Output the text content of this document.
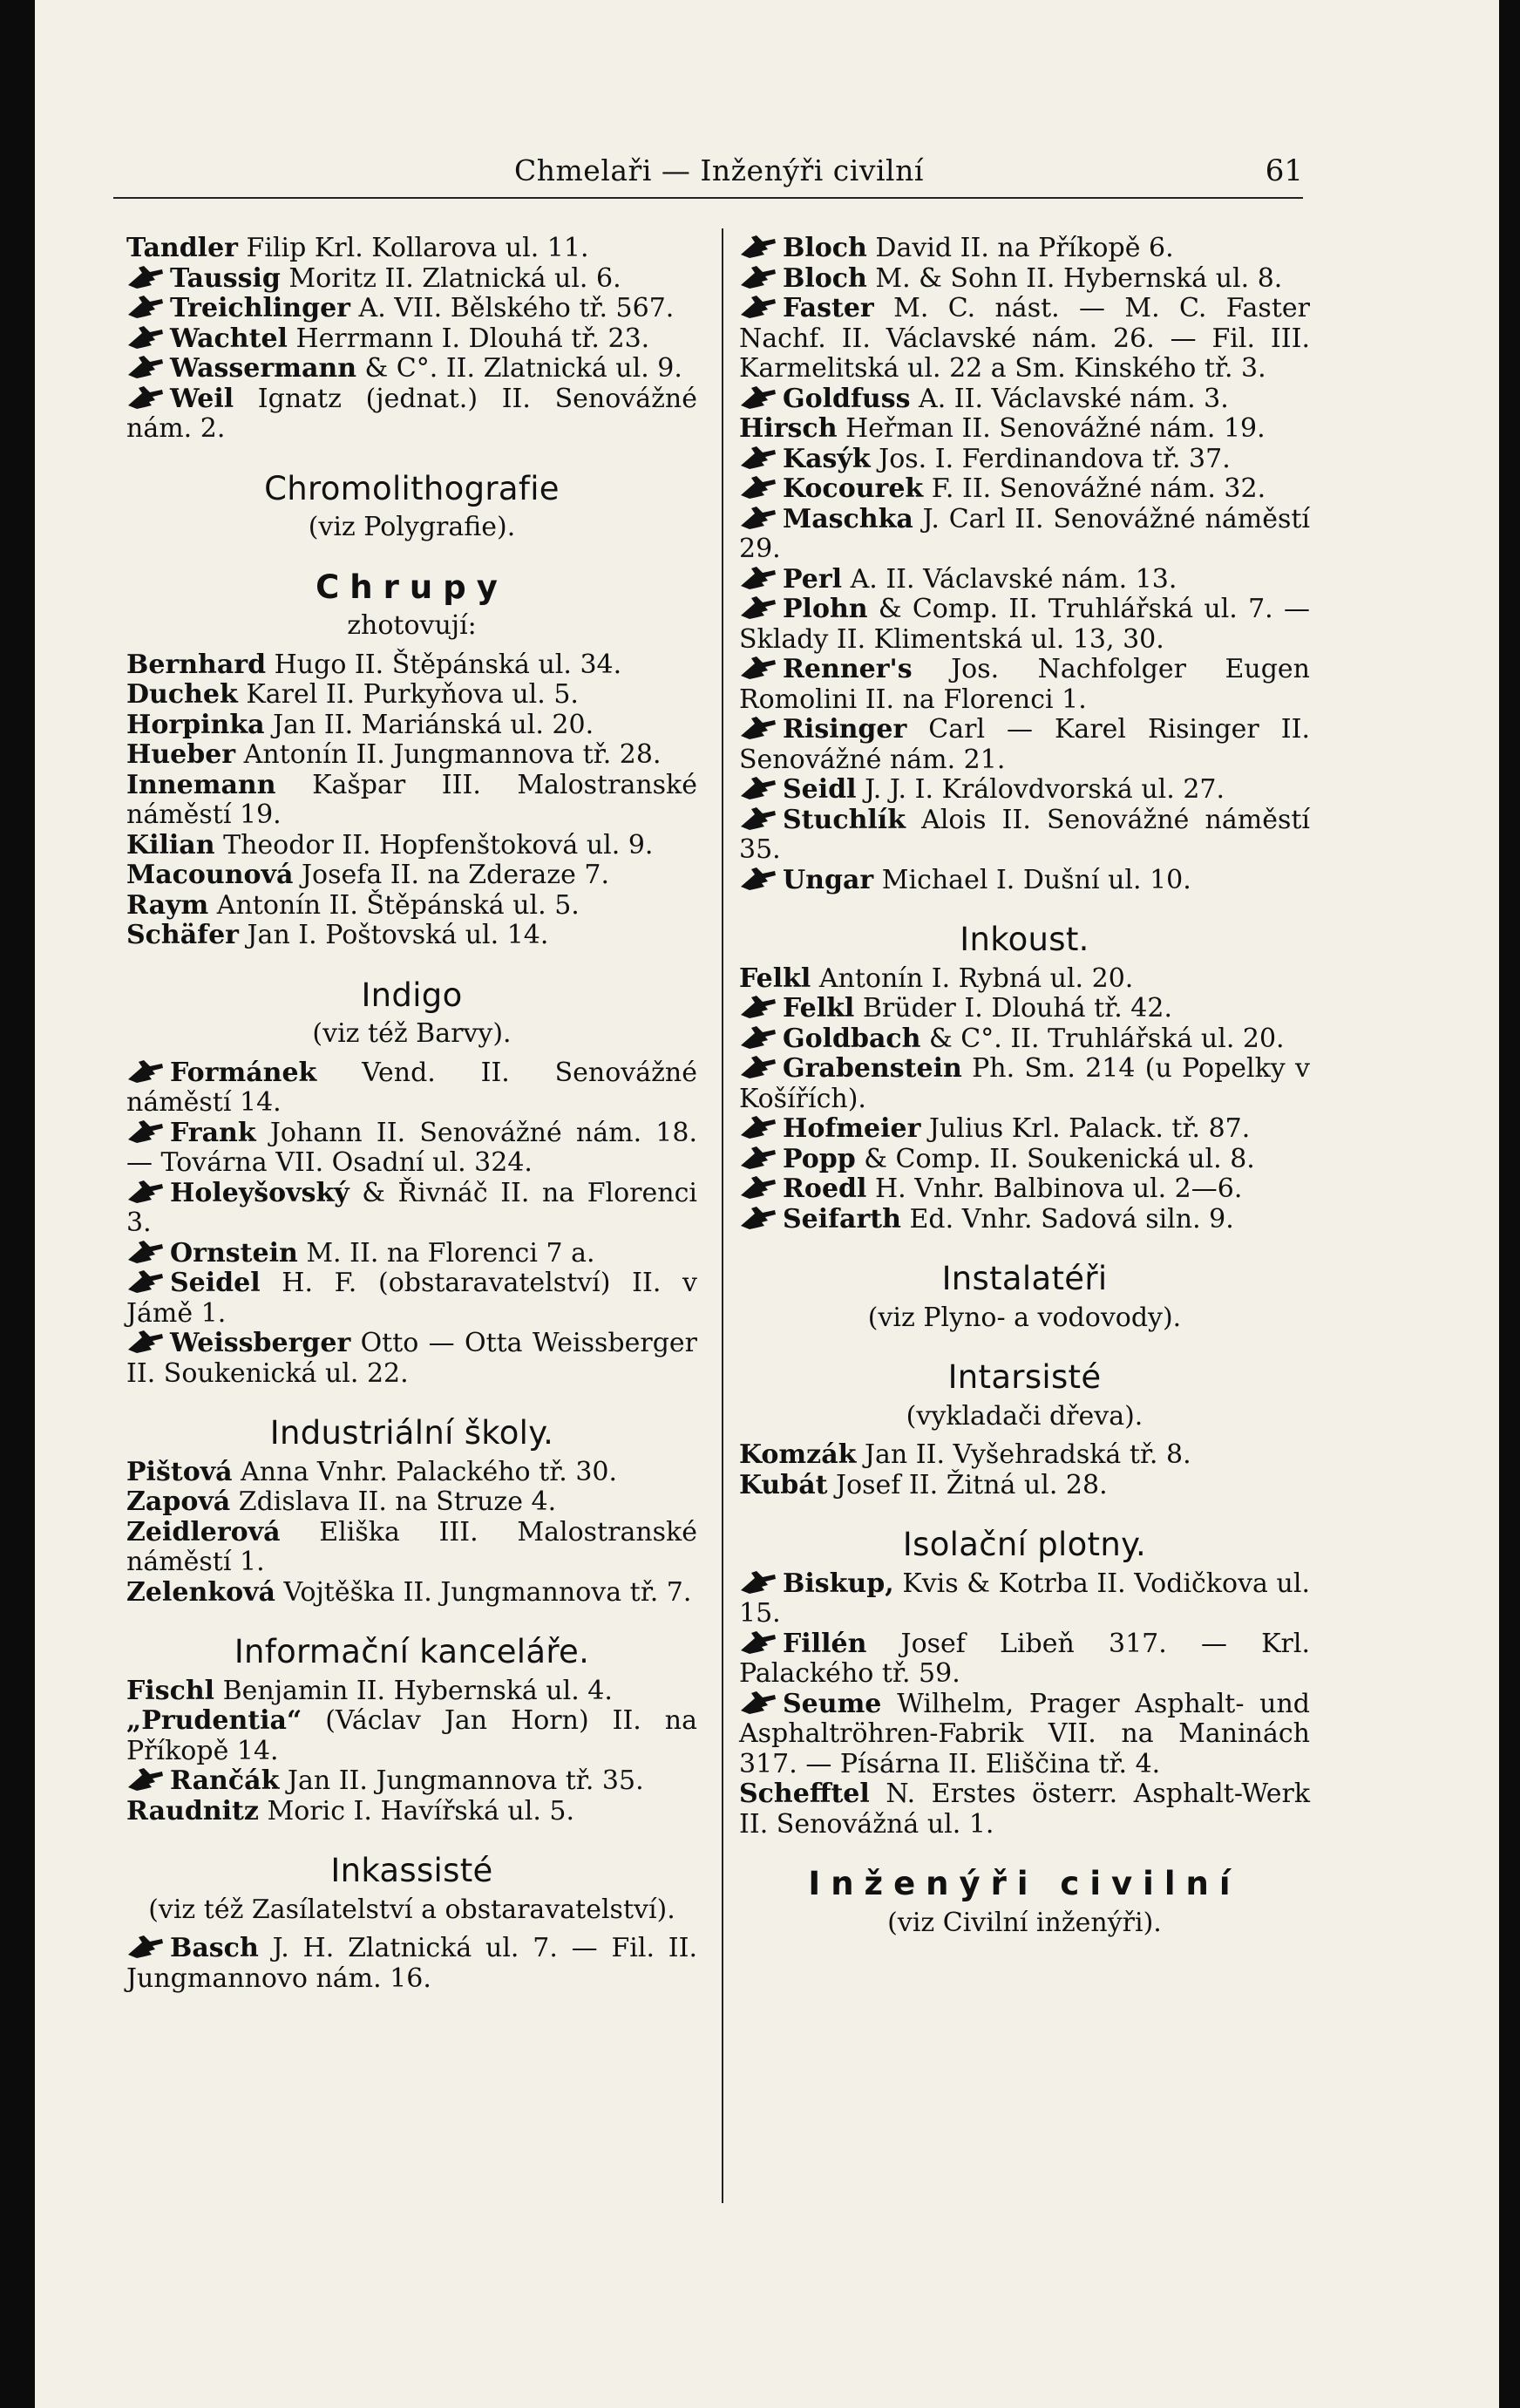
Chmelaři — Inženýři civilní	61
Tandler Filip Krl. Kollarova ul. 11.
Taussig Moritz II. Zlatnická ul. 6.
Treichlinger A. VII. Bělského tř. 567.
Wachtel Herrmann I. Dlouhá tř. 23.
Wassermann & C°. II. Zlatnická ul. 9.
Weil Ignatz (jednat.) II. Senovážné nám. 2.
Chromolithografie
(viz Polygrafie).
Chrupy
zhotovují:
Bernhard Hugo II. Štěpánská ul. 34.
Duchek Karel II. Purkyňova ul. 5.
Horpinka Jan II. Mariánská ul. 20.
Hueber Antonín II. Jungmannova tř. 28.
Innemann Kašpar III. Malostranské náměstí 19.
Kilian Theodor II. Hopfenštoková ul. 9.
Macounová Josefa II. na Zderaze 7.
Raym Antonín II. Štěpánská ul. 5.
Schäfer Jan I. Poštovská ul. 14.
Indigo
(viz též Barvy).
Formánek Vend. II. Senovážné náměstí 14.
Frank Johann II. Senovážné nám. 18. — Továrna VII. Osadní ul. 324.
Holeyšovský & Řivnáč II. na Florenci 3.
Ornstein M. II. na Florenci 7 a.
Seidel H. F. (obstaravatelství) II. v Jámě 1.
Weissberger Otto — Otta Weissberger II. Soukenická ul. 22.
Industriální školy.
Pištová Anna Vnhr. Palackého tř. 30.
Zapová Zdislava II. na Struze 4.
Zeidlerová Eliška III. Malostranské náměstí 1.
Zelenková Vojtěška II. Jungmannova tř. 7.
Informační kanceláře.
Fischl Benjamin II. Hybernská ul. 4.
„Prudentia“ (Václav Jan Horn) II. na Příkopě 14.
Rančák Jan II. Jungmannova tř. 35.
Raudnitz Moric I. Havířská ul. 5.
Inkassisté
(viz též Zasílatelství a obstaravatelství).
Basch J. H. Zlatnická ul. 7. — Fil. II. Jungmannovo nám. 16.
Bloch David II. na Příkopě 6.
Bloch M. & Sohn II. Hybernská ul. 8.
Faster M. C. nást. — M. C. Faster Nachf. II. Václavské nám. 26. — Fil. III. Karmelitská ul. 22 a Sm. Kinského tř. 3.
Goldfuss A. II. Václavské nám. 3.
Hirsch Heřman II. Senovážné nám. 19.
Kasýk Jos. I. Ferdinandova tř. 37.
Kocourek F. II. Senovážné nám. 32.
Maschka J. Carl II. Senovážné náměstí 29.
Perl A. II. Václavské nám. 13.
Plohn & Comp. II. Truhlářská ul. 7. — Sklady II. Klimentská ul. 13, 30.
Renner's Jos. Nachfolger Eugen Romolini II. na Florenci 1.
Risinger Carl — Karel Risinger II. Senovážné nám. 21.
Seidl J. J. I. Královdvorská ul. 27.
Stuchlík Alois II. Senovážné náměstí 35.
Ungar Michael I. Dušní ul. 10.
Inkoust.
Felkl Antonín I. Rybná ul. 20.
Felkl Brüder I. Dlouhá tř. 42.
Goldbach & C°. II. Truhlářská ul. 20.
Grabenstein Ph. Sm. 214 (u Popelky v Košířích).
Hofmeier Julius Krl. Palack. tř. 87.
Popp & Comp. II. Soukenická ul. 8.
Roedl H. Vnhr. Balbinova ul. 2—6.
Seifarth Ed. Vnhr. Sadová siln. 9.
Instalatéři
(viz Plyno- a vodovody).
Intarsisté
(vykladači dřeva).
Komzák Jan II. Vyšehradská tř. 8.
Kubát Josef II. Žitná ul. 28.
Isolační plotny.
Biskup, Kvis & Kotrba II. Vodičkova ul. 15.
Fillén Josef Libeň 317. — Krl. Palackého tř. 59.
Seume Wilhelm, Prager Asphalt- und Asphaltröhren-Fabrik VII. na Maninách 317. — Písárna II. Eliščina tř. 4.
Schefftel N. Erstes österr. Asphalt-Werk II. Senovážná ul. 1.
Inženýři civilní
(viz Civilní inženýři).
